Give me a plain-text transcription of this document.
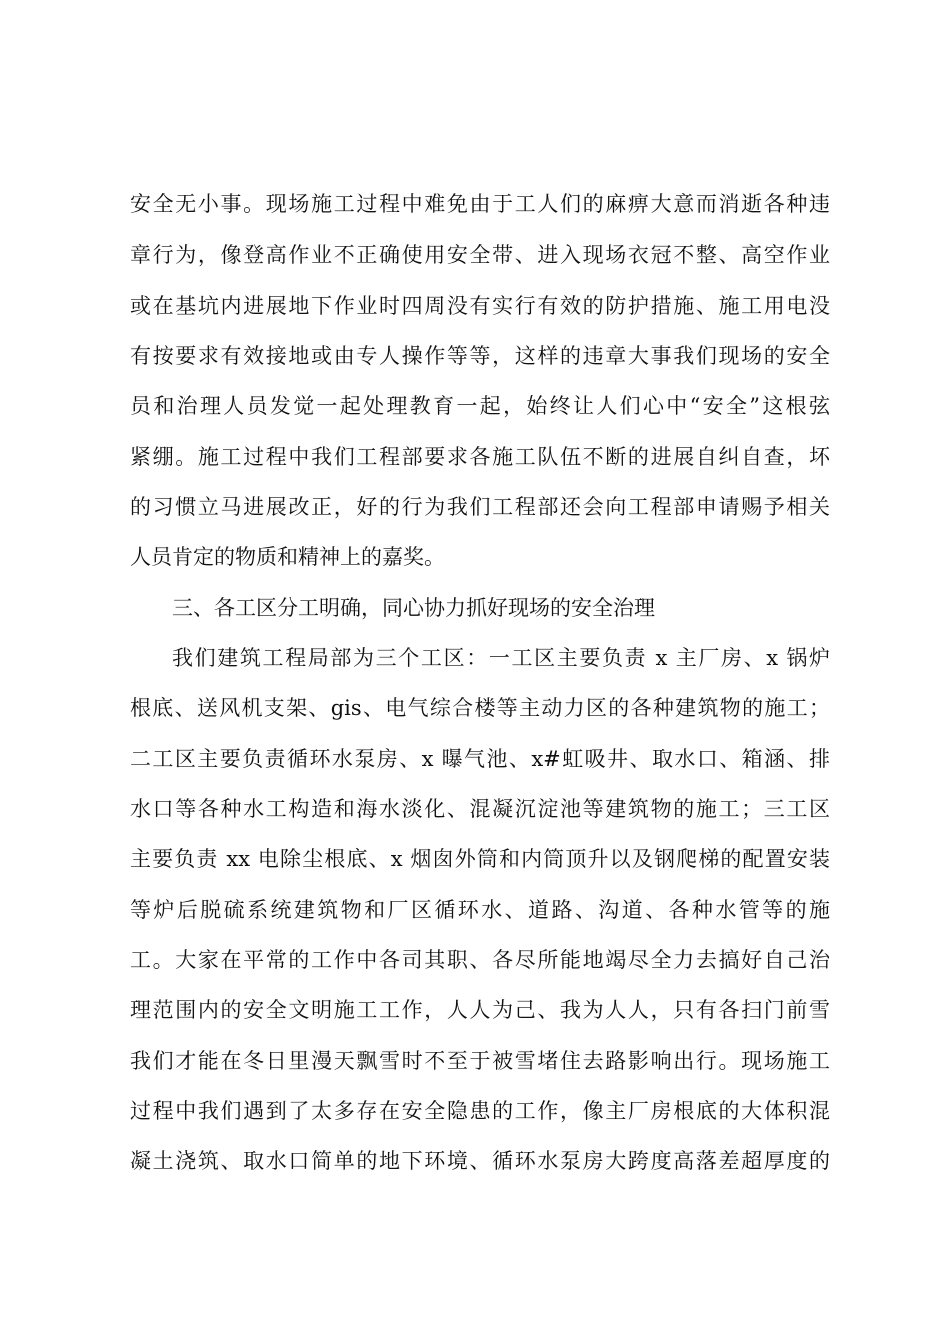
安全无小事。现场施工过程中难免由于工人们的麻痹大意而消逝各种违
章行为，像登高作业不正确使用安全带、进入现场衣冠不整、高空作业
或在基坑内进展地下作业时四周没有实行有效的防护措施、施工用电没
有按要求有效接地或由专人操作等等，这样的违章大事我们现场的安全
员和治理人员发觉一起处理教育一起，始终让人们心中“安全”这根弦
紧绷。施工过程中我们工程部要求各施工队伍不断的进展自纠自查，坏
的习惯立马进展改正，好的行为我们工程部还会向工程部申请赐予相关
人员肯定的物质和精神上的嘉奖。
三、各工区分工明确，同心协力抓好现场的安全治理
我们建筑工程局部为三个工区：一工区主要负责 x 主厂房、x 锅炉
根底、送风机支架、gis、电气综合楼等主动力区的各种建筑物的施工；
二工区主要负责循环水泵房、x 曝气池、x#虹吸井、取水口、箱涵、排
水口等各种水工构造和海水淡化、混凝沉淀池等建筑物的施工；三工区
主要负责 xx 电除尘根底、x 烟囱外筒和内筒顶升以及钢爬梯的配置安装
等炉后脱硫系统建筑物和厂区循环水、道路、沟道、各种水管等的施
工。大家在平常的工作中各司其职、各尽所能地竭尽全力去搞好自己治
理范围内的安全文明施工工作，人人为己、我为人人，只有各扫门前雪
我们才能在冬日里漫天飘雪时不至于被雪堵住去路影响出行。现场施工
过程中我们遇到了太多存在安全隐患的工作，像主厂房根底的大体积混
凝土浇筑、取水口简单的地下环境、循环水泵房大跨度高落差超厚度的
